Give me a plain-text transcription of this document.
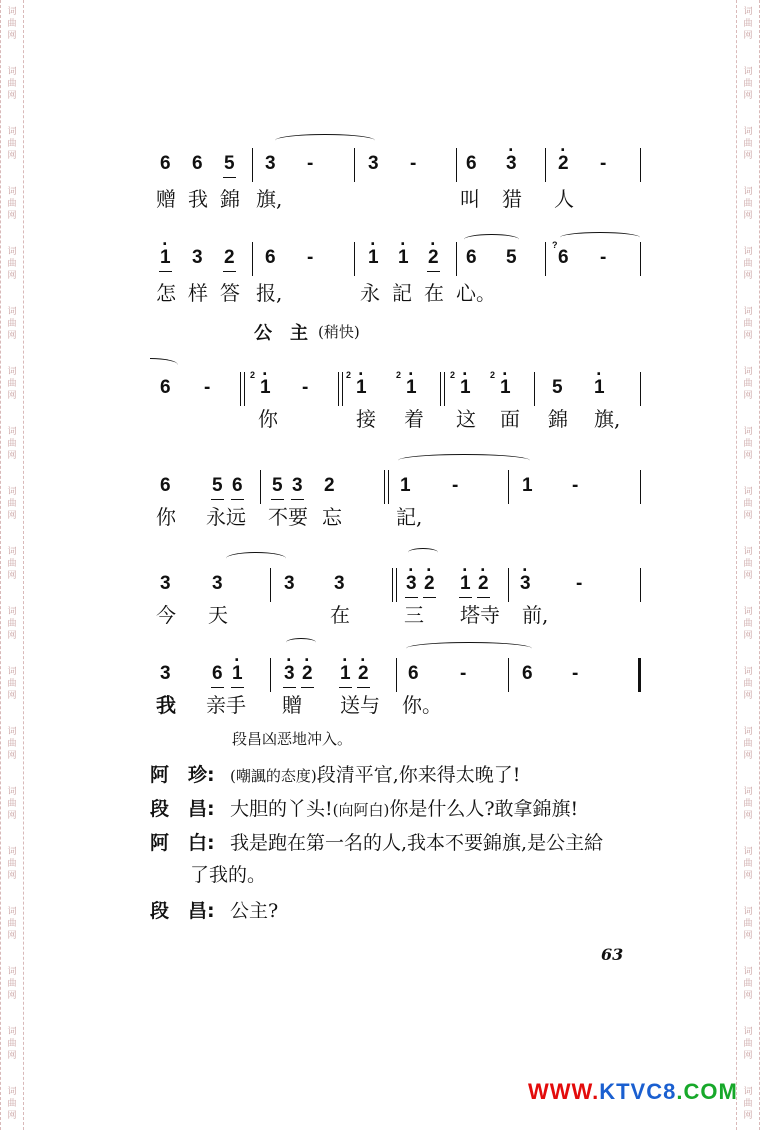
词
曲
网
词
曲
网
词
曲
网
词
曲
网
词
曲
网
词
曲
网
词
曲
网
词
曲
网
词
曲
网
词
曲
网
词
曲
网
词
曲
网
词
曲
网
词
曲
网
词
曲
网
词
曲
网
词
曲
网
词
曲
网
词
曲
网
词
曲
网
词
曲
网
词
曲
网
词
曲
网
词
曲
网
词
曲
网
词
曲
网
词
曲
网
词
曲
网
词
曲
网
词
曲
网
词
曲
网
词
曲
网
词
曲
网
词
曲
网
词
曲
网
词
曲
网
词
曲
网
词
曲
网
6 6 5 3 -	3 -	6 · 3 · 2 -
赠 我 錦 旗,	叫 猎 人
· 1 3 2 6 -	· 1 · 1 · 2 6 5
?
6 -
怎 样 答 报,	永 記 在 心。
公　主 (稍快)
6 -
2
· 1 -
2
· 1
2
· 1
2
· 1
2
· 1 5 · 1
你	接 着 这 面 錦 旗,
6 5 6 5 3 2	1 -	1 -
你 永远 不要 忘	記,
3 3	3 3	· 3 · 2 · 1 · 2 · 3 -
今 天	在	三 塔寺 前,
3 6 · 1 · 3 · 2 · 1 · 2 6 -	6 -
我 亲手 贈 送与 你。
段昌凶恶地冲入。
阿　珍: (嘲諷的态度)段清平官,你来得太晚了!
段　昌: 大胆的丫头!(向阿白)你是什么人?敢拿錦旗!
阿　白: 我是跑在第一名的人,我本不要錦旗,是公主給
了我的。
段　昌: 公主?
63
WWW.KTVC8.COM
